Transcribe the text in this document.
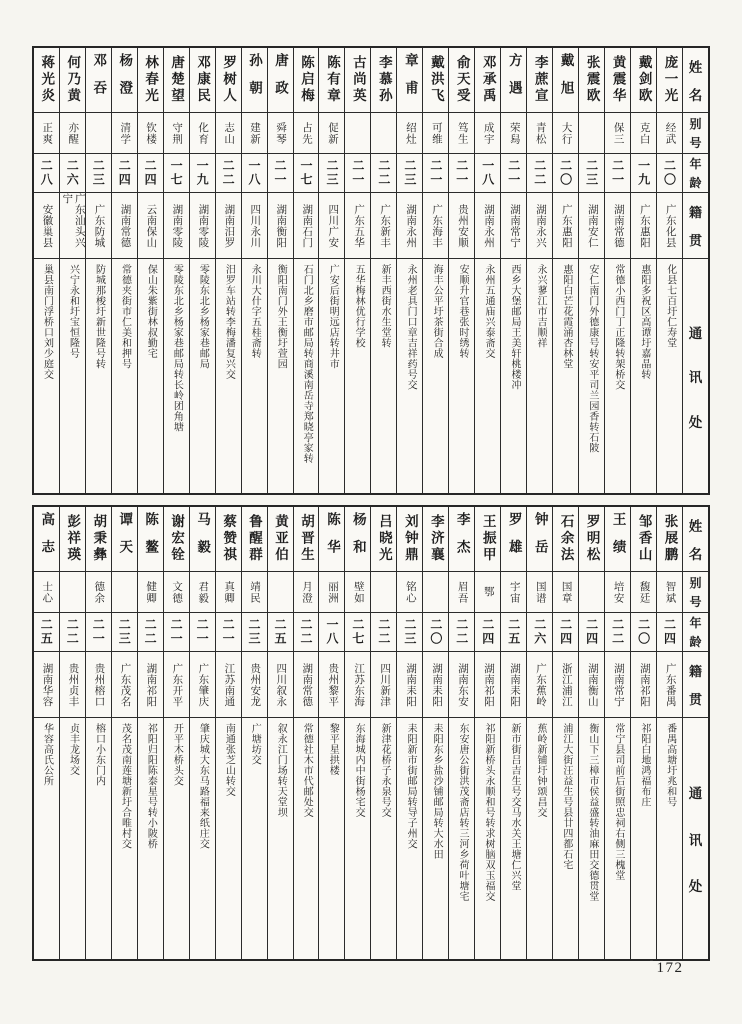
姓
名
别
号
年
龄
籍
贯
通
讯
处
庞一光
经武
二〇
广东化县
化县七百圩仁寿堂
戴剑欧
克白
一九
广东惠阳
惠阳多祝区高谭圩嘉晶转
黄震华
保三
二一
湖南常德
常德小西门丁正隆转架桥交
张震欧
二三
湖南安仁
安仁南门外德康号转安平司兰园香转石陂
戴旭
大行
二〇
广东惠阳
惠阳白芒花霞涌杏林堂
李蔗宣
青松
二二
湖南永兴
永兴蓼江市吉顺祥
方遇
荣舄
二一
湖南常宁
西乡大堡邮局王美轩桃楼冲
邓承禹
成宇
一八
湖南永州
永州五通庙兴泰斋交
俞天受
笃生
二一
贵州安顺
安顺升官巷张时绣转
戴洪飞
可维
二一
广东海丰
海丰公平圩茶街合成
章甫
绍灶
二三
湖南永州
永州老具门口章吉祥药号交
李慕孙
二二
广东新丰
新丰西街水生堂转
古尚英
二一
广东五华
五华梅林优行学校
陈有章
促新
二三
四川广安
广安后街明远店转井市
陈启梅
占先
一七
湖南石门
石门北乡磨市邮局转商溪南岳寺郑晓亭家转
唐政
舜琴
二一
湖南衡阳
衡阳南门外王衡圩萱园
孙朝
建新
一八
四川永川
永川大什字五桂斋转
罗树人
志山
二二
湖南汨罗
汨罗车站转李梅潘复兴交
邓康民
化育
一九
湖南零陵
零陵东北乡杨家巷邮局
唐楚望
守荆
一七
湖南零陵
零陵东北乡杨家巷邮局转长岭团角塘
林春光
钦楼
二四
云南保山
保山朱紫街林叔勤宅
杨澄
清学
二四
湖南常德
常德夹街市仁美和押号
邓吞
二三
广东防城
防城那梭圩新世隆号转
何乃黄
亦醒
二六
广东汕头兴宁
兴宁永和圩宝恒隆号
蒋光炎
正爽
二八
安徽巢县
巢县南门浮桥口刘少庭交
姓
名
别
号
年
龄
籍
贯
通
讯
处
张展鹏
智斌
二四
广东番禺
番禺高塘圩兆和号
邹香山
馥廷
二〇
湖南祁阳
祁阳白地鸿福布庄
王绩
培安
二二
湖南常宁
常宁县司前后街照忠祠右侧三槐堂
罗明松
二四
湖南衡山
衡山下三樟市侯益盛转油麻田交德贯堂
石余法
国章
二四
浙江浦江
浦江大街汪益生号县廿四都石宅
钟岳
国谱
二六
广东蕉岭
蕉岭新铺圩钟颂昌交
罗雄
宇宙
二五
湖南耒阳
新市街吕吉生号交马水关王塘仁兴堂
王振甲
鄂
二四
湖南祁阳
祁阳新桥头永顺和号转求树脑双玉福交
李杰
眉吾
二二
湖南东安
东安唐公街洪茂斋店转三河乡荷叶塘宅
李济襄
二〇
湖南耒阳
耒阳东乡盐沙铺邮局转大水田
刘钟鼎
铭心
二三
湖南耒阳
耒阳新市街邮局转导子州交
吕晓光
二二
四川新津
新津花桥子永泉号交
杨和
壁如
二七
江苏东海
东海城内中街杨宅交
陈华
丽洲
一八
贵州黎平
黎平星拱楼
胡晋生
月澄
二二
湖南常德
常德社木市代邮处交
黄亚伯
二五
四川叙永
叙永江门场转天堂坝
鲁醒群
靖民
二三
贵州安龙
广塘坊交
蔡赞祺
真卿
二一
江苏南通
南通张芝山转交
马毅
君毅
二一
广东肇庆
肇庆城大东马路福来纸庄交
谢宏铨
文德
二一
广东开平
开平木桥头交
陈鳌
健卿
二二
湖南祁阳
祁阳归阳陈泰星号转小陂桥
谭天
二三
广东茂名
茂名茂南莲塘新圩合唯村交
胡秉彝
德余
二一
贵州榕口
榕口小东门内
彭祥瑛
二二
贵州贞丰
贞丰龙场交
高志
士心
二五
湖南华容
华容高氏公所
ˉ 172
